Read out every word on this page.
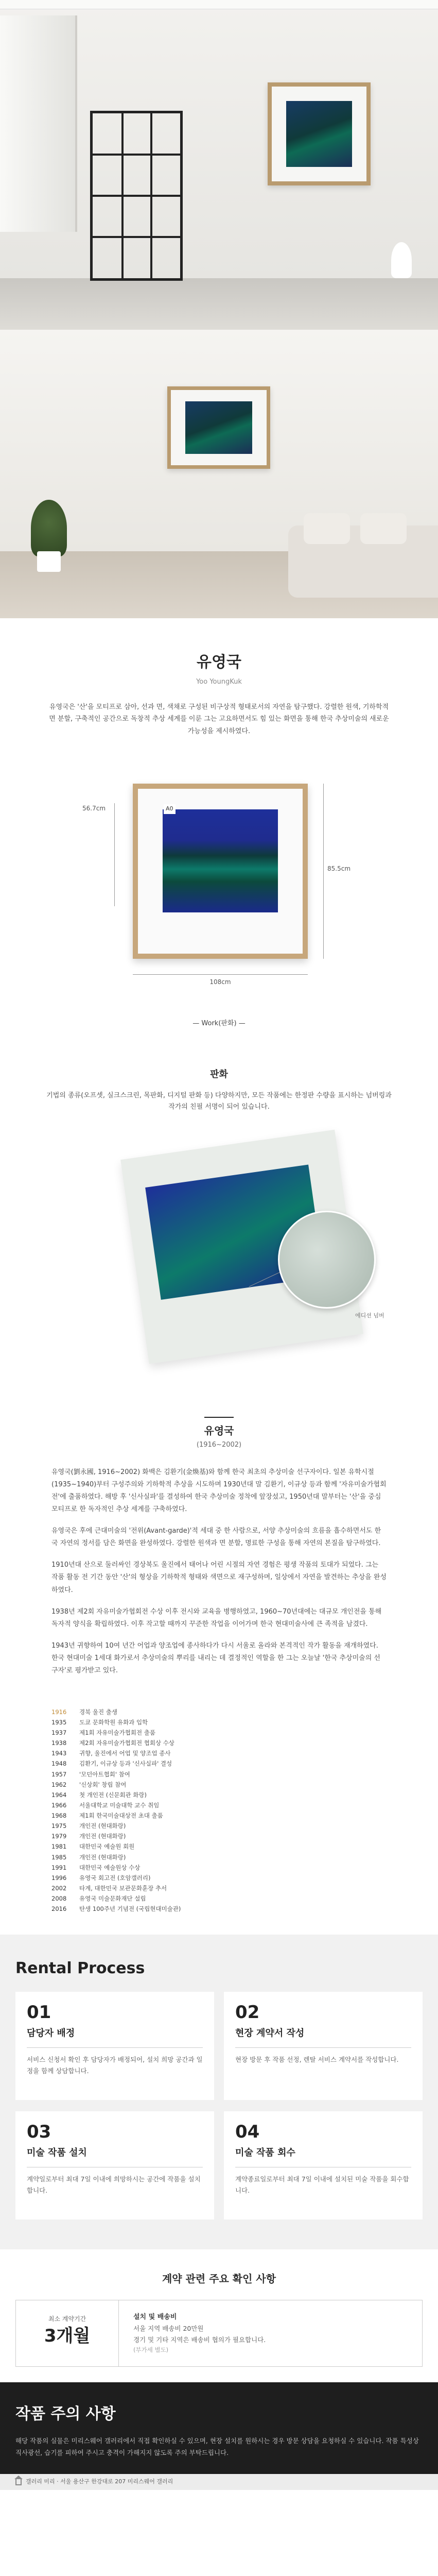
유영국
Yoo YoungKuk

유영국은 '산'을 모티프로 삼아, 선과 면, 색채로 구성된 비구상적 형태로서의 자연을 탐구했다. 강렬한 원색, 기하학적 면 분할, 구축적인 공간으로 독창적 추상 세계를 이룬 그는 고요하면서도 힘 있는 화면을 통해 한국 추상미술의 새로운 가능성을 제시하였다.

56.7cm	A0
85.5cm
108cm
— Work(판화) —
판화

기법의 종류(오프셋, 실크스크린, 목판화, 디지털 판화 등) 다양하지만, 모든 작품에는 한정판 수량을 표시하는 넘버링과 작가의 친필 서명이 되어 있습니다.

에디션 넘버
유영국
(1916~2002)

유영국(劉永國, 1916~2002) 화백은 김환기(金煥基)와 함께 한국 최초의 추상미술 선구자이다. 일본 유학시절(1935~1940)부터 구성주의와 기하학적 추상을 시도하며 1930년대 말 김환기, 이규상 등과 함께 '자유미술가협회전'에 출품하였다. 해방 후 '신사실파'를 결성하여 한국 추상미술 정착에 앞장섰고, 1950년대 말부터는 '산'을 중심 모티프로 한 독자적인 추상 세계를 구축하였다.

유영국은 후에 근대미술의 '전위(Avant-garde)'적 세대 중 한 사람으로, 서양 추상미술의 흐름을 흡수하면서도 한국 자연의 정서를 담은 화면을 완성하였다. 강렬한 원색과 면 분할, 명료한 구성을 통해 자연의 본질을 탐구하였다.

1910년대 산으로 둘러싸인 경상북도 울진에서 태어나 어린 시절의 자연 경험은 평생 작품의 토대가 되었다. 그는 작품 활동 전 기간 동안 '산'의 형상을 기하학적 형태와 색면으로 재구성하며, 일상에서 자연을 발견하는 추상을 완성하였다.

1938년 제2회 자유미술가협회전 수상 이후 전시와 교육을 병행하였고, 1960~70년대에는 대규모 개인전을 통해 독자적 양식을 확립하였다. 이후 작고할 때까지 꾸준한 작업을 이어가며 한국 현대미술사에 큰 족적을 남겼다.

1943년 귀향하여 10여 년간 어업과 양조업에 종사하다가 다시 서울로 올라와 본격적인 작가 활동을 재개하였다. 한국 현대미술 1세대 화가로서 추상미술의 뿌리를 내리는 데 결정적인 역할을 한 그는 오늘날 '한국 추상미술의 선구자'로 평가받고 있다.

1916	경북 울진 출생
1935	도쿄 문화학원 유화과 입학
1937	제1회 자유미술가협회전 출품
1938	제2회 자유미술가협회전 협회상 수상
1943	귀향, 울진에서 어업 및 양조업 종사
1948	김환기, 이규상 등과 '신사실파' 결성
1957	'모던아트협회' 참여
1962	'신상회' 창립 참여
1964	첫 개인전 (신문회관 화랑)
1966	서울대학교 미술대학 교수 취임
1968	제1회 한국미술대상전 초대 출품
1975	개인전 (현대화랑)
1979	개인전 (현대화랑)
1981	대한민국 예술원 회원
1985	개인전 (현대화랑)
1991	대한민국 예술원상 수상
1996	유영국 회고전 (호암갤러리)
2002	타계, 대한민국 보관문화훈장 추서
2008	유영국 미술문화재단 설립
2016	탄생 100주년 기념전 (국립현대미술관)
Rental Process
01
담당자 배정
서비스 신청서 확인 후 담당자가 배정되어, 설치 희망 공간과 일정을 함께 상담합니다.
02
현장 계약서 작성
현장 방문 후 작품 선정, 렌탈 서비스 계약서를 작성합니다.
03
미술 작품 설치
계약일로부터 최대 7일 이내에 희망하시는 공간에 작품을 설치합니다.
04
미술 작품 회수
계약종료일로부터 최대 7일 이내에 설치된 미술 작품을 회수합니다.
계약 관련 주요 확인 사항
최소 계약기간
3개월
설치 및 배송비
서울 지역 배송비 20만원
경기 및 기타 지역은 배송비 협의가 필요합니다.
(부가세 별도)
작품 주의 사항

해당 작품의 실물은 미리스웨어 갤러리에서 직접 확인하실 수 있으며, 현장 설치를 원하시는 경우 방문 상담을 요청하실 수 있습니다. 작품 특성상 직사광선, 습기를 피하여 주시고 충격이 가해지지 않도록 주의 부탁드립니다.

갤러리 미리 · 서울 용산구 한강대로 207 미리스웨어 갤러리
